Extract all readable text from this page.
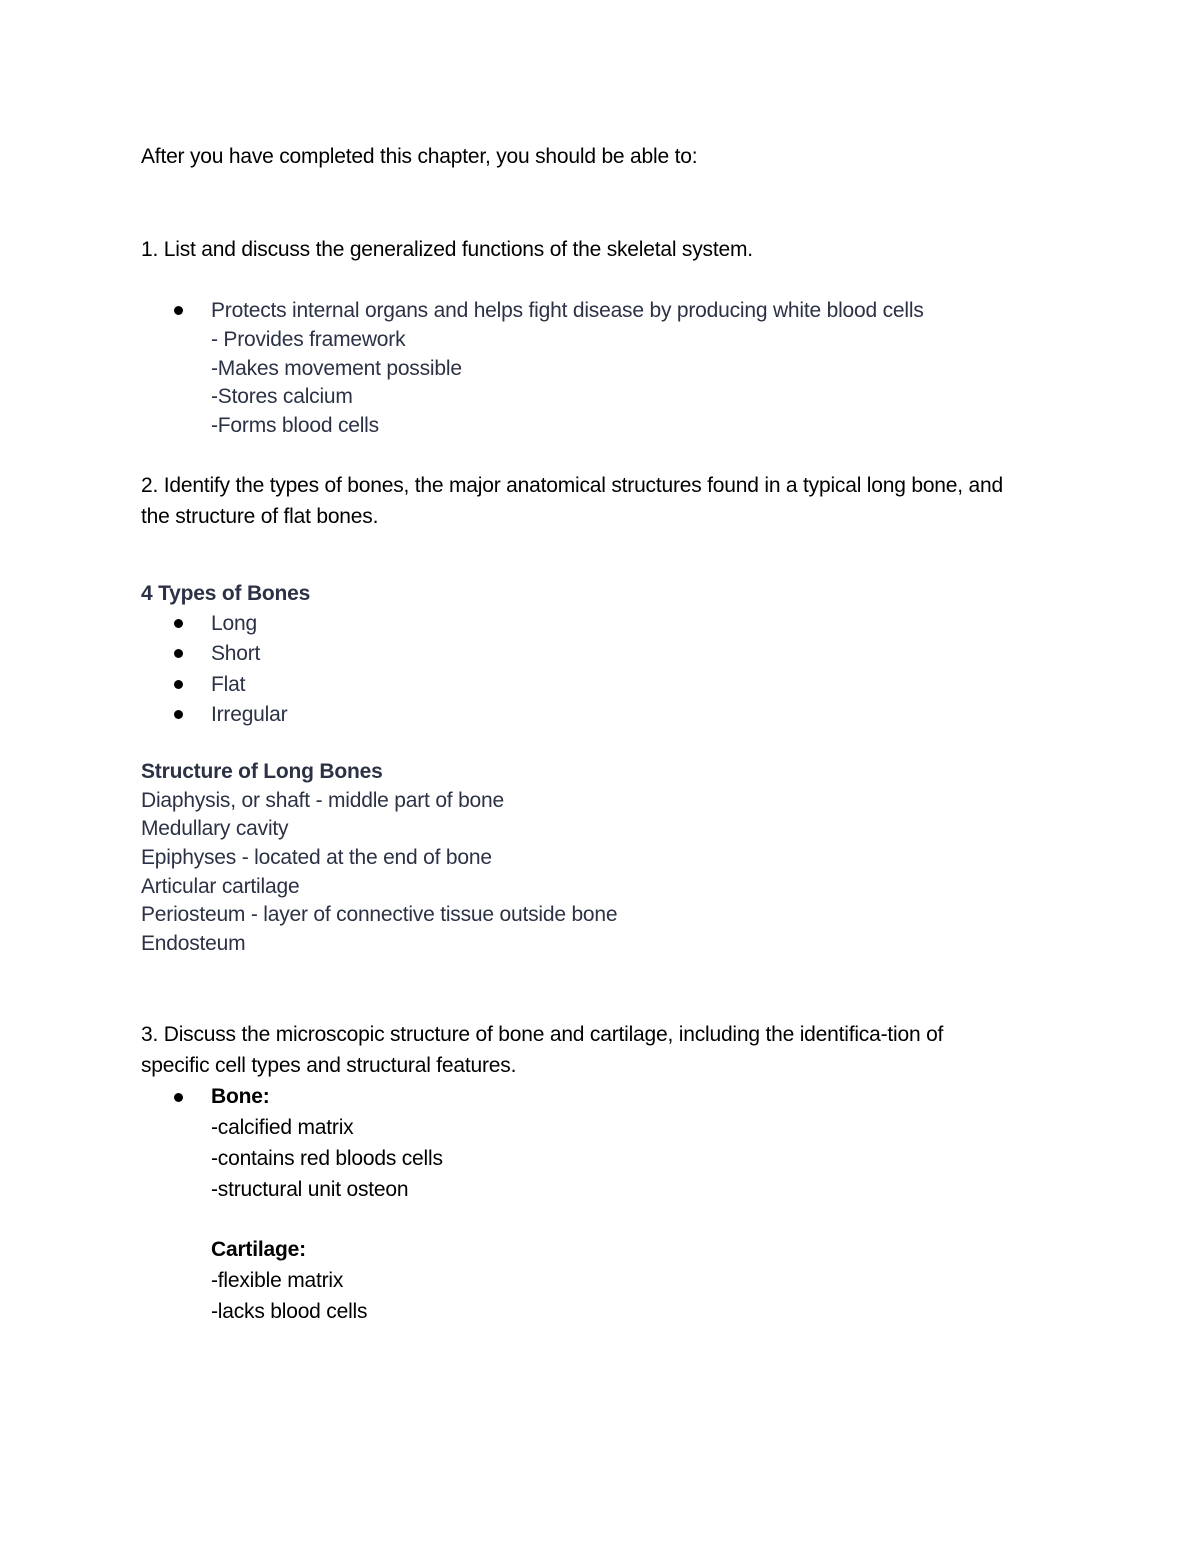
After you have completed this chapter, you should be able to:
1. List and discuss the generalized functions of the skeletal system.
Protects internal organs and helps fight disease by producing white blood cells
- Provides framework
-Makes movement possible
-Stores calcium
-Forms blood cells
2. Identify the types of bones, the major anatomical structures found in a typical long bone, and
the structure of flat bones.
4 Types of Bones
Long
Short
Flat
Irregular
Structure of Long Bones
Diaphysis, or shaft - middle part of bone
Medullary cavity
Epiphyses - located at the end of bone
Articular cartilage
Periosteum - layer of connective tissue outside bone
Endosteum
3. Discuss the microscopic structure of bone and cartilage, including the identifica-tion of
specific cell types and structural features.
Bone:
-calcified matrix
-contains red bloods cells
-structural unit osteon
Cartilage:
-flexible matrix
-lacks blood cells
